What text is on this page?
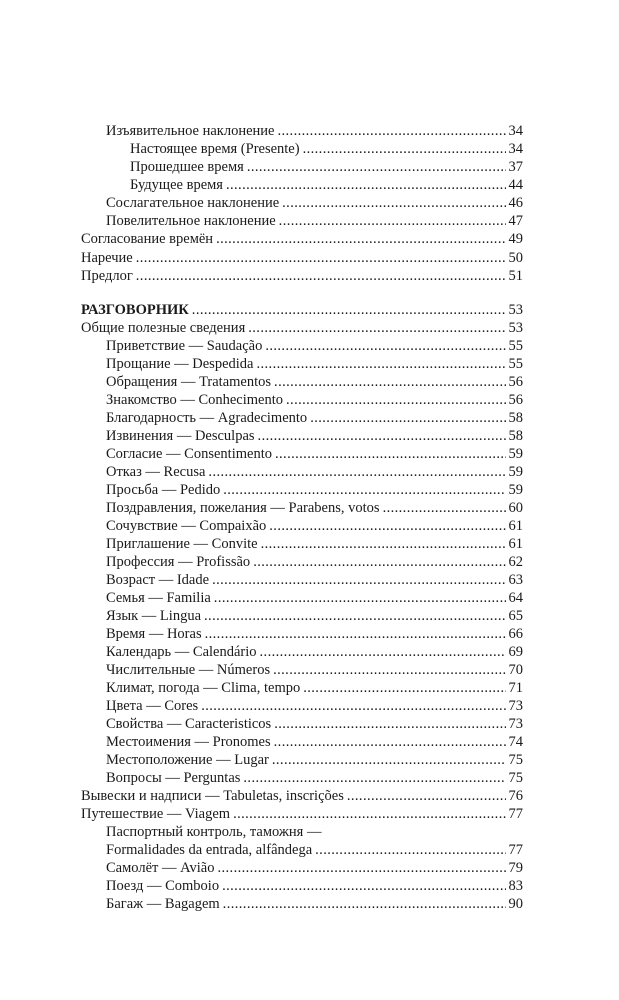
Изъявительное наклонение .....	34
Настоящее время (Presente) .....	34
Прошедшее время .....	37
Будущее время .....	44
Сослагательное наклонение .....	46
Повелительное наклонение .....	47
Согласование времён .....	49
Наречие .....	50
Предлог .....	51
РАЗГОВОРНИК .....	53
Общие полезные сведения .....	53
Приветствие — Saudação .....	55
Прощание — Despedida .....	55
Обращения — Tratamentos .....	56
Знакомство — Conhecimento .....	56
Благодарность — Agradecimento .....	58
Извинения — Desculpas .....	58
Согласие — Consentimento .....	59
Отказ — Recusa .....	59
Просьба — Pedido .....	59
Поздравления, пожелания — Parabens, votos .....	60
Сочувствие — Compaixão .....	61
Приглашение — Convite .....	61
Профессия — Profissão .....	62
Возраст — Idade .....	63
Семья — Familia .....	64
Язык — Lingua .....	65
Время — Horas .....	66
Календарь — Calendário .....	69
Числительные — Números .....	70
Климат, погода — Clima, tempo .....	71
Цвета — Cores .....	73
Свойства — Caracteristicos .....	73
Местоимения — Pronomes .....	74
Местоположение — Lugar .....	75
Вопросы — Perguntas .....	75
Вывески и надписи — Tabuletas, inscrições .....	76
Путешествие — Viagem .....	77
Паспортный контроль, таможня —
Formalidades da entrada, alfândega .....	77
Самолёт — Avião .....	79
Поезд — Comboio .....	83
Багаж — Bagagem .....	90
